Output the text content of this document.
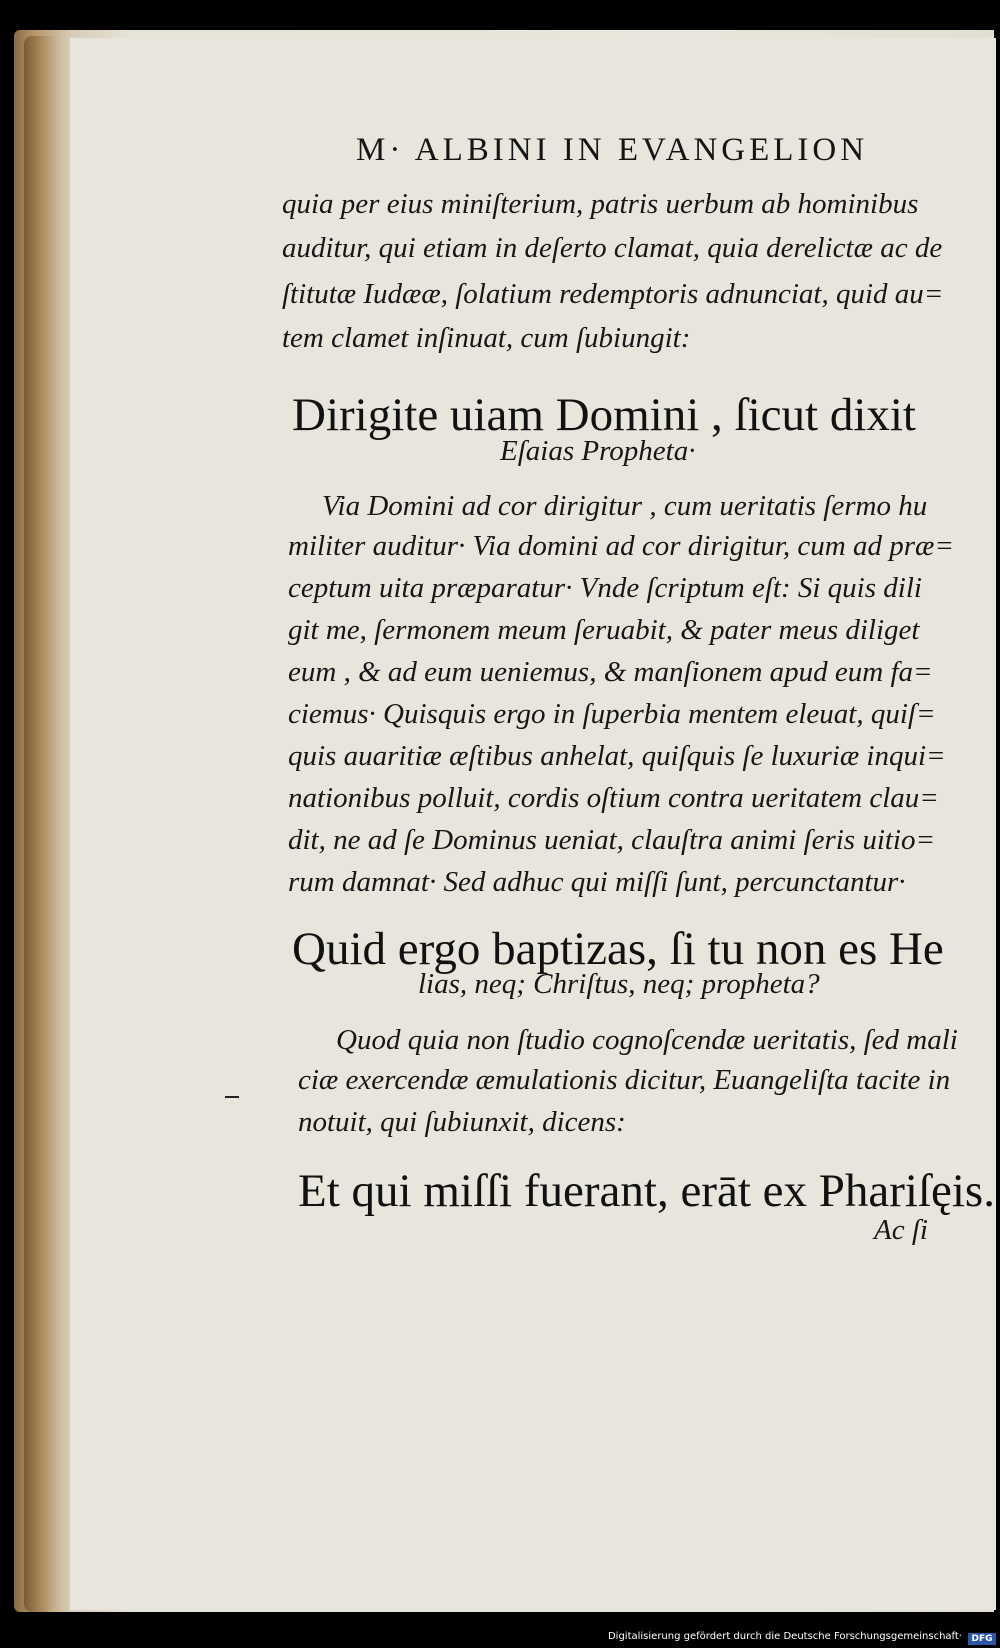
M· ALBINI IN EVANGELION
quia per eius miniſterium, patris uerbum ab hominibus
auditur, qui etiam in deſerto clamat, quia derelictæ ac de
ſtitutæ Iudææ, ſolatium redemptoris adnunciat, quid au=
tem clamet inſinuat, cum ſubiungit:
Dirigite uiam Domini , ſicut dixit
Eſaias Propheta·
Via Domini ad cor dirigitur , cum ueritatis ſermo hu
militer auditur· Via domini ad cor dirigitur, cum ad præ=
ceptum uita præparatur· Vnde ſcriptum eſt: Si quis dili
git me, ſermonem meum ſeruabit, & pater meus diliget
eum , & ad eum ueniemus, & manſionem apud eum fa=
ciemus· Quisquis ergo in ſuperbia mentem eleuat, quiſ=
quis auaritiæ æſtibus anhelat, quiſquis ſe luxuriæ inqui=
nationibus polluit, cordis oſtium contra ueritatem clau=
dit, ne ad ſe Dominus ueniat, clauſtra animi ſeris uitio=
rum damnat· Sed adhuc qui miſſi ſunt, percunctantur·
Quid ergo baptizas, ſi tu non es He
lias, neq; Chriſtus, neq; propheta?
Quod quia non ſtudio cognoſcendæ ueritatis, ſed mali
ciæ exercendæ æmulationis dicitur, Euangeliſta tacite in
notuit, qui ſubiunxit, dicens:
Et qui miſſi fuerant, erāt ex Phariſęis.
Ac ſi
Digitalisierung gefördert durch die Deutsche Forschungsgemeinschaft·	DFG
